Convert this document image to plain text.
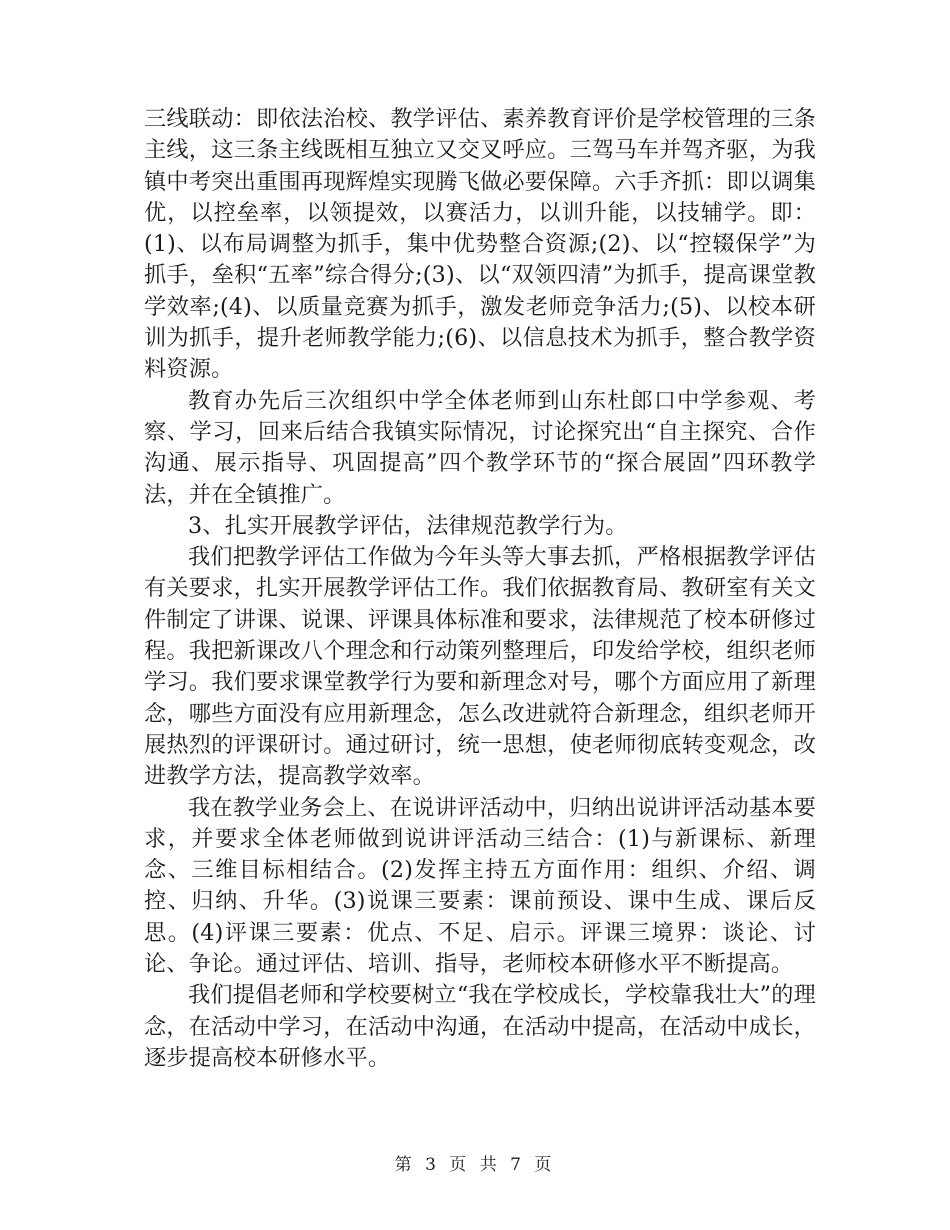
三线联动：即依法治校、教学评估、素养教育评价是学校管理的三条主线，这三条主线既相互独立又交叉呼应。三驾马车并驾齐驱，为我镇中考突出重围再现辉煌实现腾飞做必要保障。六手齐抓：即以调集优，以控垒率，以领提效，以赛活力，以训升能，以技辅学。即：(1)、以布局调整为抓手，集中优势整合资源;(2)、以“控辍保学”为抓手，垒积“五率”综合得分;(3)、以“双领四清”为抓手，提高课堂教学效率;(4)、以质量竞赛为抓手，激发老师竞争活力;(5)、以校本研训为抓手，提升老师教学能力;(6)、以信息技术为抓手，整合教学资料资源。

教育办先后三次组织中学全体老师到山东杜郎口中学参观、考察、学习，回来后结合我镇实际情况，讨论探究出“自主探究、合作沟通、展示指导、巩固提高”四个教学环节的“探合展固”四环教学法，并在全镇推广。

3、扎实开展教学评估，法律规范教学行为。

我们把教学评估工作做为今年头等大事去抓，严格根据教学评估有关要求，扎实开展教学评估工作。我们依据教育局、教研室有关文件制定了讲课、说课、评课具体标准和要求，法律规范了校本研修过程。我把新课改八个理念和行动策列整理后，印发给学校，组织老师学习。我们要求课堂教学行为要和新理念对号，哪个方面应用了新理念，哪些方面没有应用新理念，怎么改进就符合新理念，组织老师开展热烈的评课研讨。通过研讨，统一思想，使老师彻底转变观念，改进教学方法，提高教学效率。

我在教学业务会上、在说讲评活动中，归纳出说讲评活动基本要求，并要求全体老师做到说讲评活动三结合：(1)与新课标、新理念、三维目标相结合。(2)发挥主持五方面作用：组织、介绍、调控、归纳、升华。(3)说课三要素：课前预设、课中生成、课后反思。(4)评课三要素：优点、不足、启示。评课三境界：谈论、讨论、争论。通过评估、培训、指导，老师校本研修水平不断提高。

我们提倡老师和学校要树立“我在学校成长，学校靠我壮大”的理念，在活动中学习，在活动中沟通，在活动中提高，在活动中成长，逐步提高校本研修水平。

第 3 页 共 7 页
